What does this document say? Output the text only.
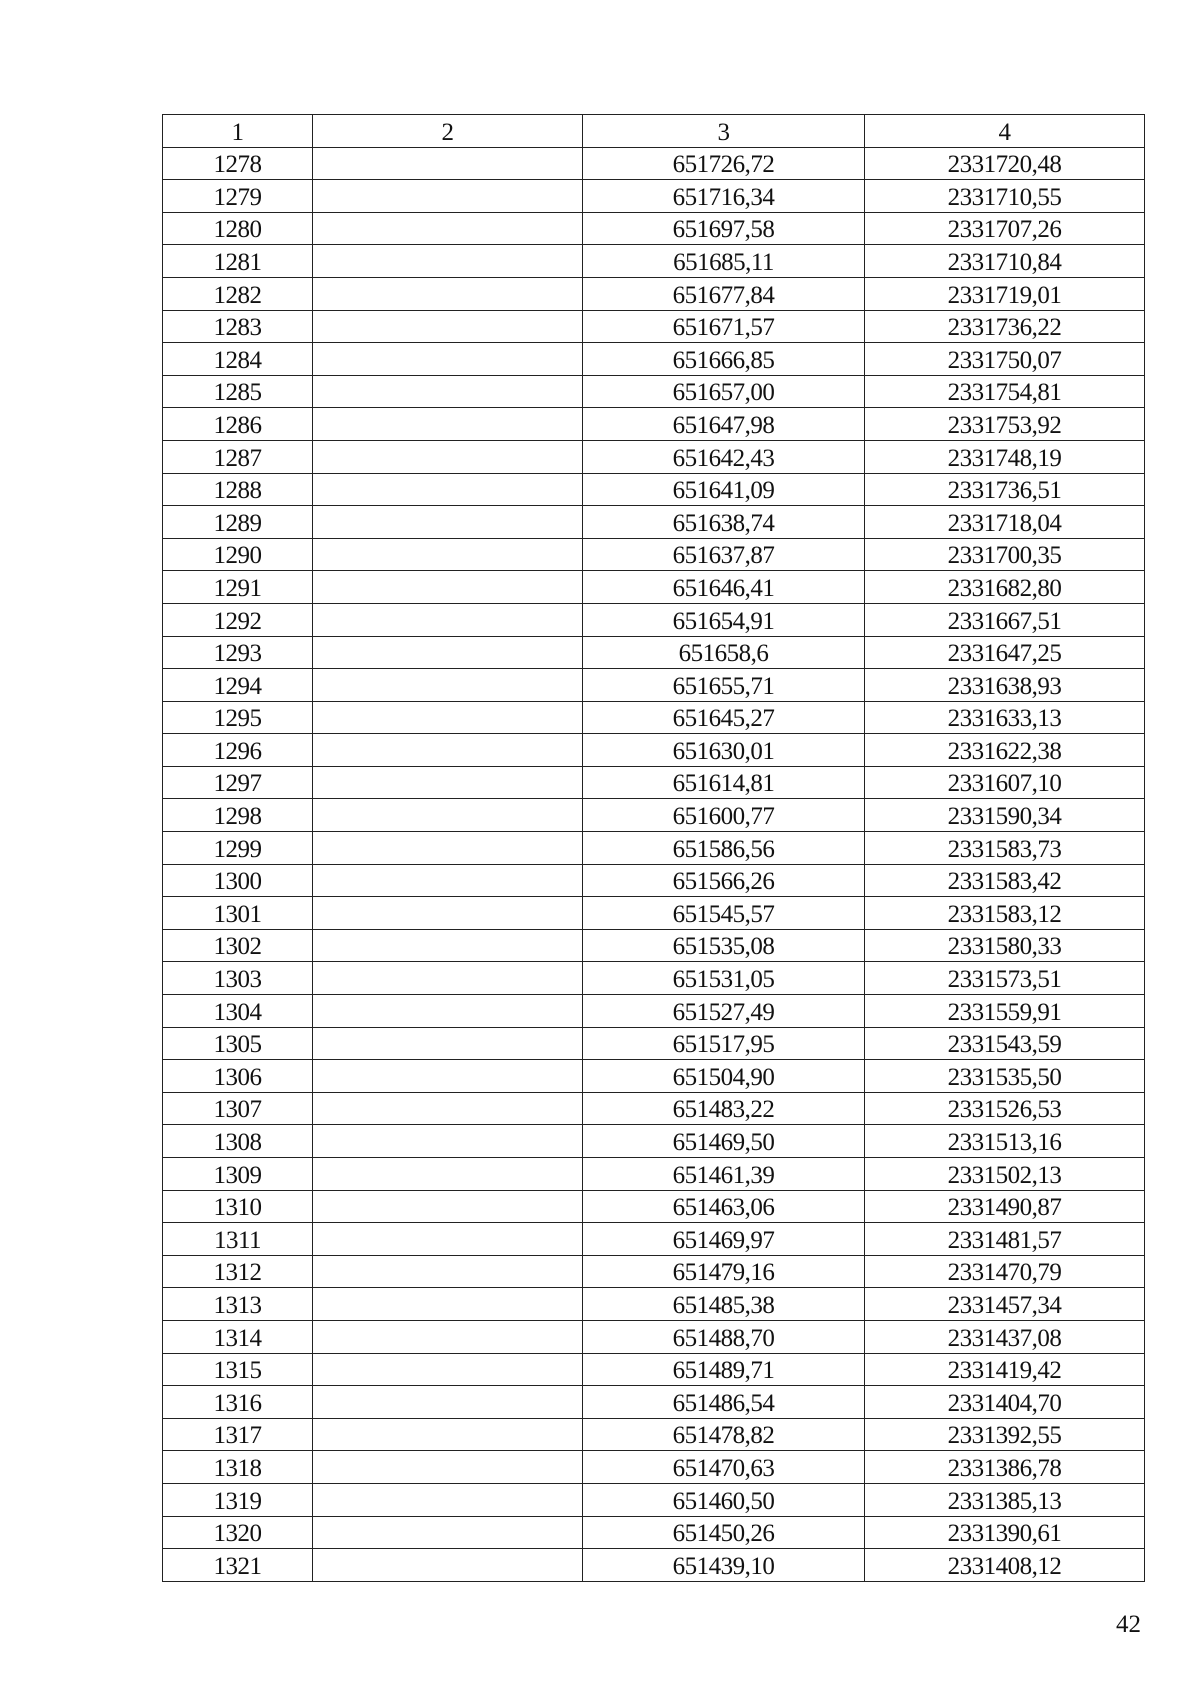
1	2	3	4
1278		651726,72	2331720,48
1279		651716,34	2331710,55
1280		651697,58	2331707,26
1281		651685,11	2331710,84
1282		651677,84	2331719,01
1283		651671,57	2331736,22
1284		651666,85	2331750,07
1285		651657,00	2331754,81
1286		651647,98	2331753,92
1287		651642,43	2331748,19
1288		651641,09	2331736,51
1289		651638,74	2331718,04
1290		651637,87	2331700,35
1291		651646,41	2331682,80
1292		651654,91	2331667,51
1293		651658,6	2331647,25
1294		651655,71	2331638,93
1295		651645,27	2331633,13
1296		651630,01	2331622,38
1297		651614,81	2331607,10
1298		651600,77	2331590,34
1299		651586,56	2331583,73
1300		651566,26	2331583,42
1301		651545,57	2331583,12
1302		651535,08	2331580,33
1303		651531,05	2331573,51
1304		651527,49	2331559,91
1305		651517,95	2331543,59
1306		651504,90	2331535,50
1307		651483,22	2331526,53
1308		651469,50	2331513,16
1309		651461,39	2331502,13
1310		651463,06	2331490,87
1311		651469,97	2331481,57
1312		651479,16	2331470,79
1313		651485,38	2331457,34
1314		651488,70	2331437,08
1315		651489,71	2331419,42
1316		651486,54	2331404,70
1317		651478,82	2331392,55
1318		651470,63	2331386,78
1319		651460,50	2331385,13
1320		651450,26	2331390,61
1321		651439,10	2331408,12
42
